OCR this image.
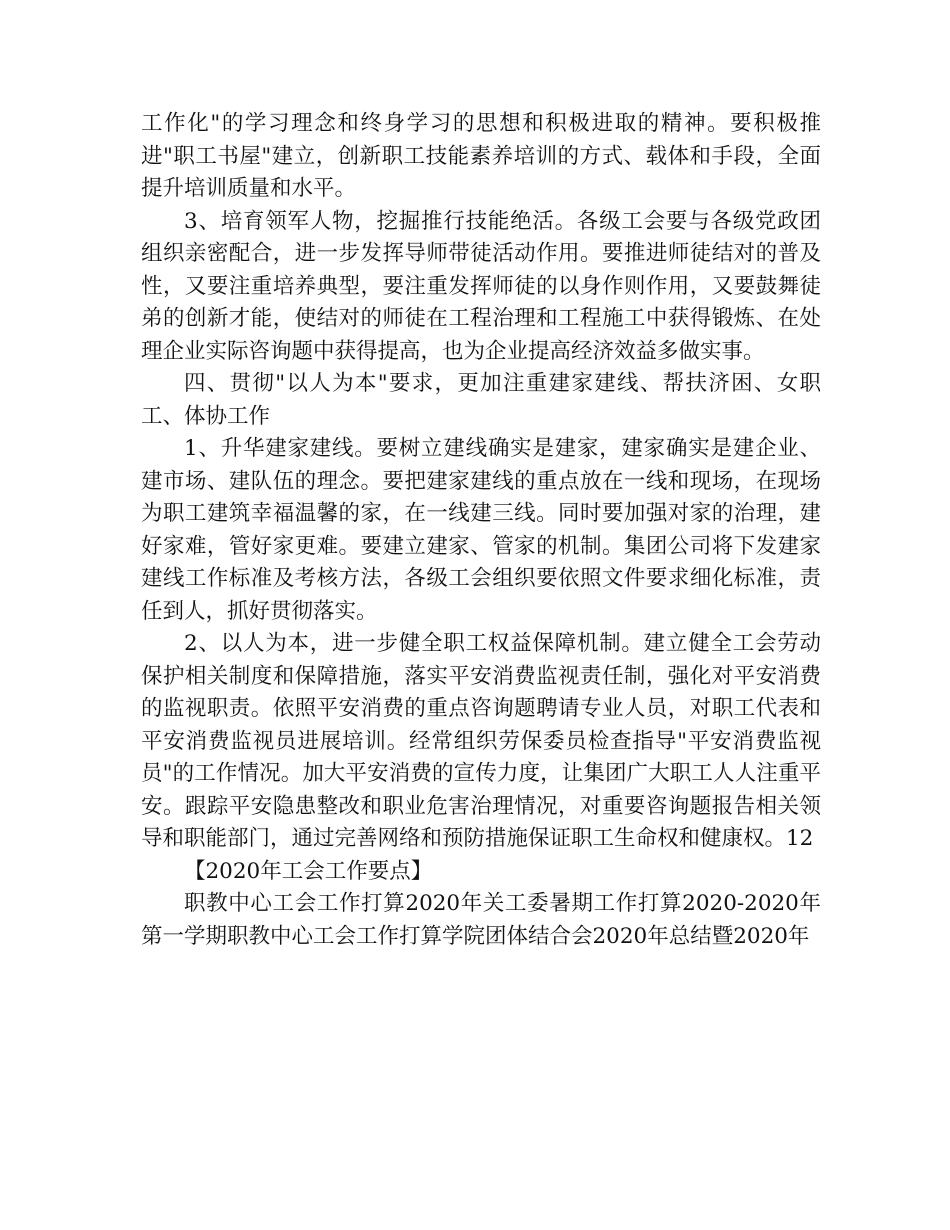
工作化"的学习理念和终身学习的思想和积极进取的精神。要积极推进"职工书屋"建立，创新职工技能素养培训的方式、载体和手段，全面提升培训质量和水平。

3、培育领军人物，挖掘推行技能绝活。各级工会要与各级党政团组织亲密配合，进一步发挥导师带徒活动作用。要推进师徒结对的普及性，又要注重培养典型，要注重发挥师徒的以身作则作用，又要鼓舞徒弟的创新才能，使结对的师徒在工程治理和工程施工中获得锻炼、在处理企业实际咨询题中获得提高，也为企业提高经济效益多做实事。

四、贯彻"以人为本"要求，更加注重建家建线、帮扶济困、女职工、体协工作

1、升华建家建线。要树立建线确实是建家，建家确实是建企业、建市场、建队伍的理念。要把建家建线的重点放在一线和现场，在现场为职工建筑幸福温馨的家，在一线建三线。同时要加强对家的治理，建好家难，管好家更难。要建立建家、管家的机制。集团公司将下发建家建线工作标准及考核方法，各级工会组织要依照文件要求细化标准，责任到人，抓好贯彻落实。

2、以人为本，进一步健全职工权益保障机制。建立健全工会劳动保护相关制度和保障措施，落实平安消费监视责任制，强化对平安消费的监视职责。依照平安消费的重点咨询题聘请专业人员，对职工代表和平安消费监视员进展培训。经常组织劳保委员检查指导"平安消费监视员"的工作情况。加大平安消费的宣传力度，让集团广大职工人人注重平安。跟踪平安隐患整改和职业危害治理情况，对重要咨询题报告相关领导和职能部门，通过完善网络和预防措施保证职工生命权和健康权。12

【2020年工会工作要点】

职教中心工会工作打算2020年关工委暑期工作打算2020-2020年第一学期职教中心工会工作打算学院团体结合会2020年总结暨2020年
